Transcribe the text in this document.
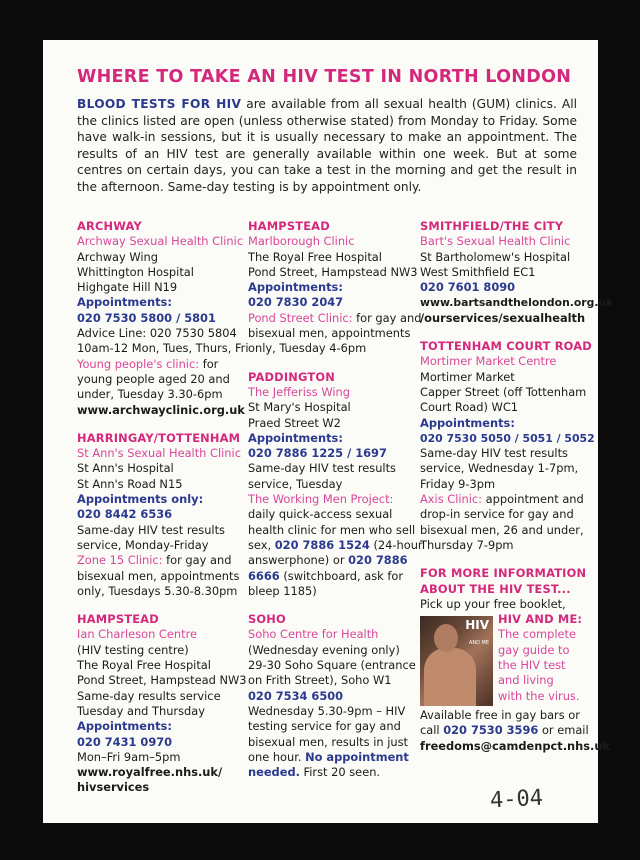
WHERE TO TAKE AN HIV TEST IN NORTH LONDON
BLOOD TESTS FOR HIV are available from all sexual health (GUM) clinics. All the clinics listed are open (unless otherwise stated) from Monday to Friday. Some have walk-in sessions, but it is usually necessary to make an appointment. The results of an HIV test are generally available within one week. But at some centres on certain days, you can take a test in the morning and get the result in the afternoon. Same-day testing is by appointment only.
ARCHWAY
Archway Sexual Health Clinic
Archway Wing
Whittington Hospital
Highgate Hill N19
Appointments:
020 7530 5800 / 5801
Advice Line: 020 7530 5804
10am-12 Mon, Tues, Thurs, Fri
Young people's clinic: for
young people aged 20 and
under, Tuesday 3.30-6pm
www.archwayclinic.org.uk
HARRINGAY/TOTTENHAM
St Ann's Sexual Health Clinic
St Ann's Hospital
St Ann's Road N15
Appointments only:
020 8442 6536
Same-day HIV test results
service, Monday-Friday
Zone 15 Clinic: for gay and
bisexual men, appointments
only, Tuesdays 5.30-8.30pm
HAMPSTEAD
Ian Charleson Centre
(HIV testing centre)
The Royal Free Hospital
Pond Street, Hampstead NW3
Same-day results service
Tuesday and Thursday
Appointments:
020 7431 0970
Mon–Fri 9am–5pm
www.royalfree.nhs.uk/
hivservices
HAMPSTEAD
Marlborough Clinic
The Royal Free Hospital
Pond Street, Hampstead NW3
Appointments:
020 7830 2047
Pond Street Clinic: for gay and
bisexual men, appointments
only, Tuesday 4-6pm
PADDINGTON
The Jefferiss Wing
St Mary's Hospital
Praed Street W2
Appointments:
020 7886 1225 / 1697
Same-day HIV test results
service, Tuesday
The Working Men Project:
daily quick-access sexual
health clinic for men who sell
sex, 020 7886 1524 (24-hour
answerphone) or 020 7886
6666 (switchboard, ask for
bleep 1185)
SOHO
Soho Centre for Health
(Wednesday evening only)
29-30 Soho Square (entrance
on Frith Street), Soho W1
020 7534 6500
Wednesday 5.30-9pm – HIV
testing service for gay and
bisexual men, results in just
one hour. No appointment
needed. First 20 seen.
SMITHFIELD/THE CITY
Bart's Sexual Health Clinic
St Bartholomew's Hospital
West Smithfield EC1
020 7601 8090
www.bartsandthelondon.org.uk
/ourservices/sexualhealth
TOTTENHAM COURT ROAD
Mortimer Market Centre
Mortimer Market
Capper Street (off Tottenham
Court Road) WC1
Appointments:
020 7530 5050 / 5051 / 5052
Same-day HIV test results
service, Wednesday 1-7pm,
Friday 9-3pm
Axis Clinic: appointment and
drop-in service for gay and
bisexual men, 26 and under,
Thursday 7-9pm
FOR MORE INFORMATION
ABOUT THE HIV TEST...
Pick up your free booklet,
HIV
AND ME
HIV AND ME:
The complete
gay guide to
the HIV test
and living
with the virus.
Available free in gay bars or
call 020 7530 3596 or email
freedoms@camdenpct.nhs.uk
4-04
